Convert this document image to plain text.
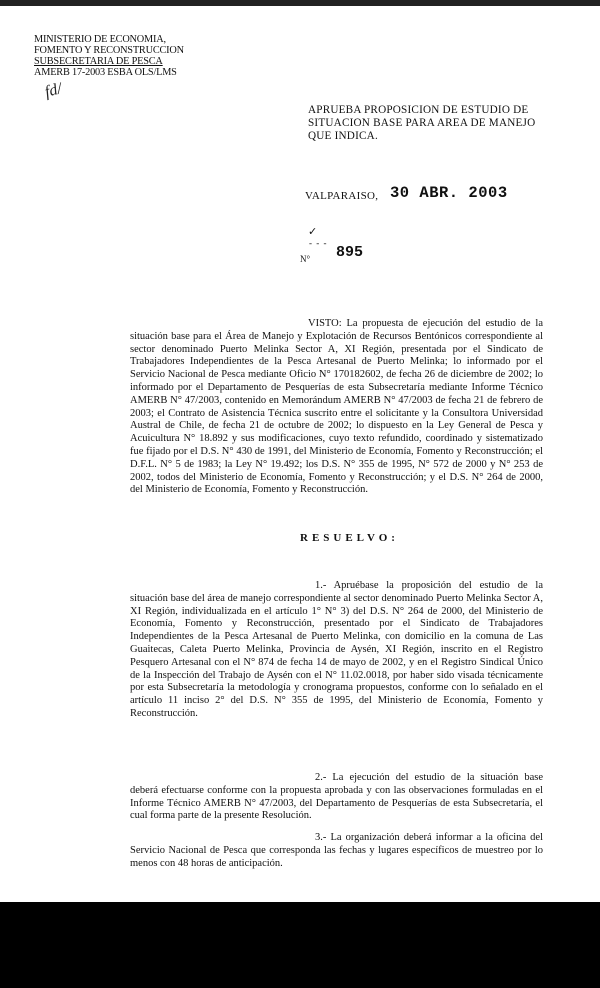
MINISTERIO DE ECONOMIA,
FOMENTO Y RECONSTRUCCION
SUBSECRETARIA DE PESCA
AMERB 17-2003 ESBA OLS/LMS
fd/
APRUEBA PROPOSICION DE ESTUDIO DE SITUACION BASE PARA AREA DE MANEJO QUE INDICA.
VALPARAISO, 30 ABR. 2003
✓
- - -
N° 895
VISTO: La propuesta de ejecución del estudio de la situación base para el Área de Manejo y Explotación de Recursos Bentónicos correspondiente al sector denominado Puerto Melinka Sector A, XI Región, presentada por el Sindicato de Trabajadores Independientes de la Pesca Artesanal de Puerto Melinka; lo informado por el Servicio Nacional de Pesca mediante Oficio N° 170182602, de fecha 26 de diciembre de 2002; lo informado por el Departamento de Pesquerías de esta Subsecretaría mediante Informe Técnico AMERB N° 47/2003, contenido en Memorándum AMERB N° 47/2003 de fecha 21 de febrero de 2003; el Contrato de Asistencia Técnica suscrito entre el solicitante y la Consultora Universidad Austral de Chile, de fecha 21 de octubre de 2002; lo dispuesto en la Ley General de Pesca y Acuicultura N° 18.892 y sus modificaciones, cuyo texto refundido, coordinado y sistematizado fue fijado por el D.S. N° 430 de 1991, del Ministerio de Economía, Fomento y Reconstrucción; el D.F.L. N° 5 de 1983; la Ley N° 19.492; los D.S. N° 355 de 1995, N° 572 de 2000 y N° 253 de 2002, todos del Ministerio de Economía, Fomento y Reconstrucción; y el D.S. N° 264 de 2000, del Ministerio de Economía, Fomento y Reconstrucción.
RESUELVO:
1.- Apruébase la proposición del estudio de la situación base del área de manejo correspondiente al sector denominado Puerto Melinka Sector A, XI Región, individualizada en el artículo 1° N° 3) del D.S. N° 264 de 2000, del Ministerio de Economía, Fomento y Reconstrucción, presentado por el Sindicato de Trabajadores Independientes de la Pesca Artesanal de Puerto Melinka, con domicilio en la comuna de Las Guaitecas, Caleta Puerto Melinka, Provincia de Aysén, XI Región, inscrito en el Registro Pesquero Artesanal con el N° 874 de fecha 14 de mayo de 2002, y en el Registro Sindical Único de la Inspección del Trabajo de Aysén con el N° 11.02.0018, por haber sido visada técnicamente por esta Subsecretaría la metodología y cronograma propuestos, conforme con lo señalado en el artículo 11 inciso 2° del D.S. N° 355 de 1995, del Ministerio de Economía, Fomento y Reconstrucción.
2.- La ejecución del estudio de la situación base deberá efectuarse conforme con la propuesta aprobada y con las observaciones formuladas en el Informe Técnico AMERB N° 47/2003, del Departamento de Pesquerías de esta Subsecretaría, el cual forma parte de la presente Resolución.
3.- La organización deberá informar a la oficina del Servicio Nacional de Pesca que corresponda las fechas y lugares específicos de muestreo por lo menos con 48 horas de anticipación.
